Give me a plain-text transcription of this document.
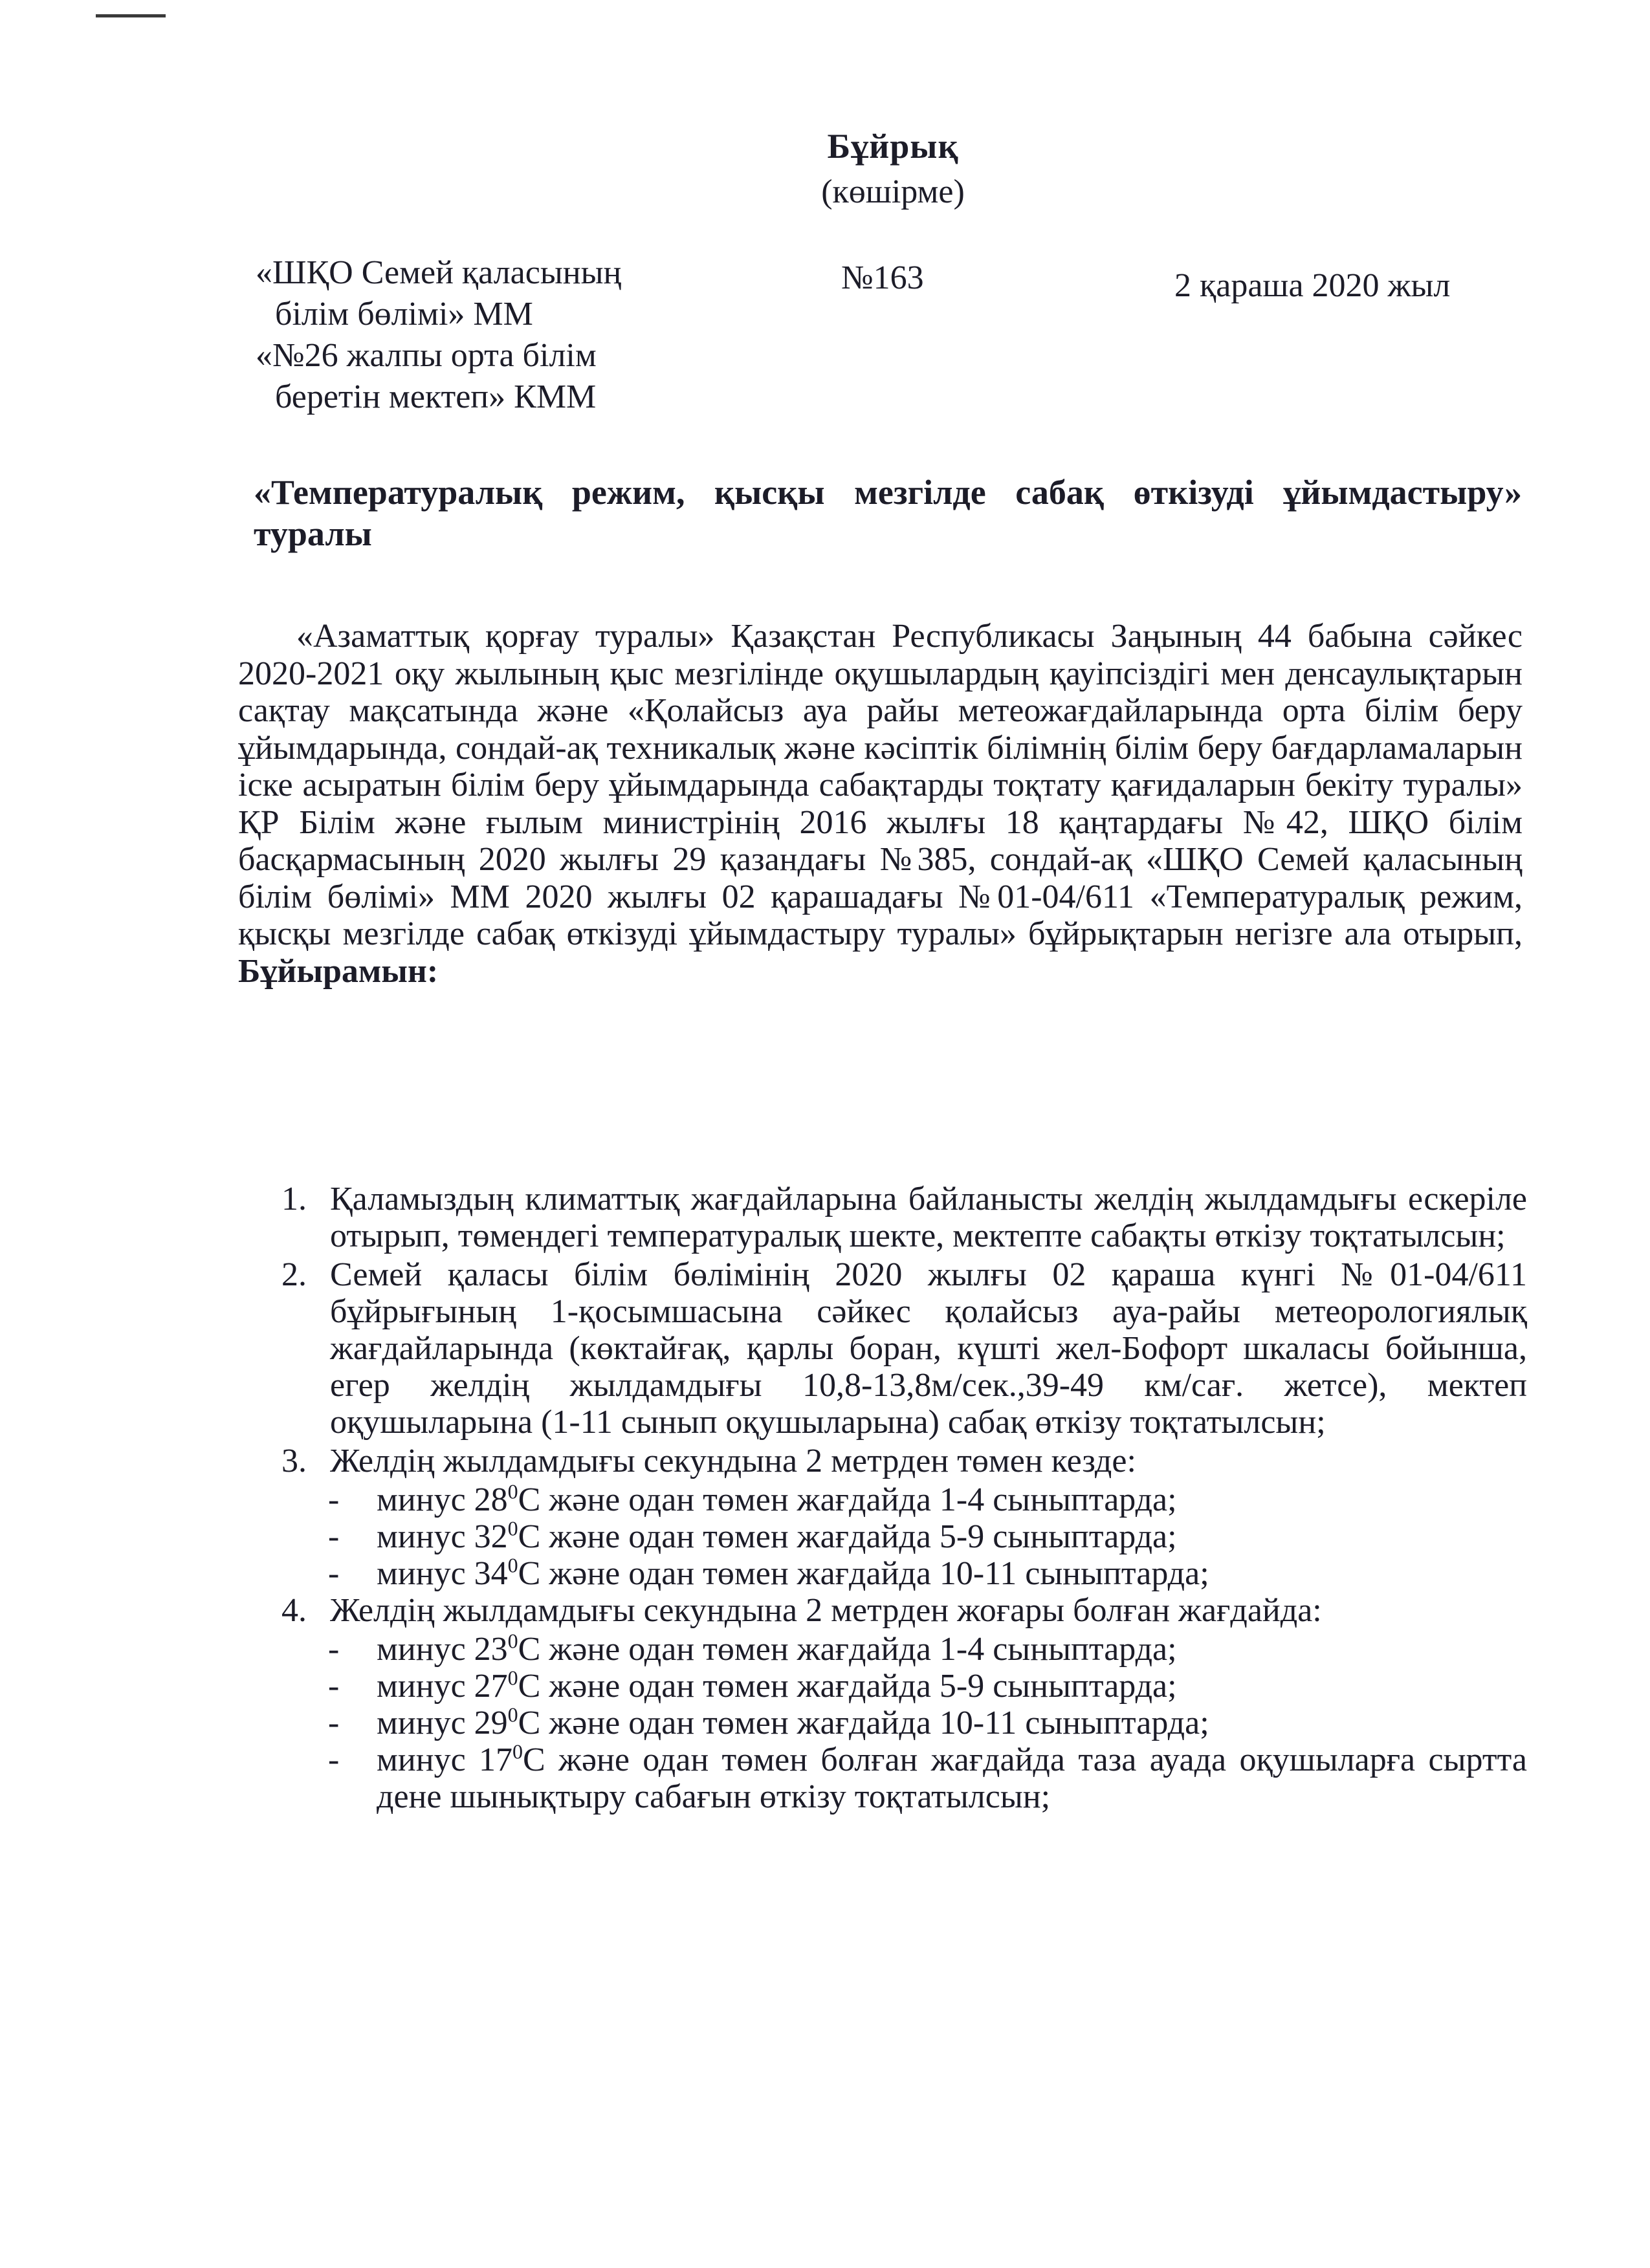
Бұйрық
(көшірме)
«ШҚО Семей қаласының
білім бөлімі» ММ
«№26 жалпы орта білім
беретін мектеп» КММ
№163	2 қараша 2020 жыл
«Температуралық режим, қысқы мезгілде сабақ өткізуді ұйымдастыру»
туралы
«Азаматтық қорғау туралы» Қазақстан Республикасы Заңының 44 бабына сәйкес 2020-2021 оқу жылының қыс мезгілінде оқушылардың қауіпсіздігі мен денсаулықтарын сақтау мақсатында және «Қолайсыз ауа райы метеожағдайларында орта білім беру ұйымдарында, сондай-ақ техникалық және кәсіптік білімнің білім беру бағдарламаларын іске асыратын білім беру ұйымдарында сабақтарды тоқтату қағидаларын бекіту туралы» ҚР Білім және ғылым министрінің 2016 жылғы 18 қаңтардағы №42, ШҚО білім басқармасының 2020 жылғы 29 қазандағы №385, сондай-ақ «ШҚО Семей қаласының білім бөлімі» ММ 2020 жылғы 02 қарашадағы №01-04/611 «Температуралық режим, қысқы мезгілде сабақ өткізуді ұйымдастыру туралы» бұйрықтарын негізге ала отырып, Бұйырамын:
1. Қаламыздың климаттық жағдайларына байланысты желдің жылдамдығы ескеріле отырып, төмендегі температуралық шекте, мектепте сабақты өткізу тоқтатылсын;
2. Семей қаласы білім бөлімінің 2020 жылғы 02 қараша күнгі №01-04/611 бұйрығының 1-қосымшасына сәйкес қолайсыз ауа-райы метеорологиялық жағдайларында (көктайғақ, қарлы боран, күшті жел-Бофорт шкаласы бойынша, егер желдің жылдамдығы 10,8-13,8м/сек.,39-49 км/сағ. жетсе), мектеп оқушыларына (1-11 сынып оқушыларына) сабақ өткізу тоқтатылсын;
3. Желдің жылдамдығы секундына 2 метрден төмен кезде:
-	минус $28^0С$ және одан төмен жағдайда 1-4 сыныптарда;
-	минус $32^0С$ және одан төмен жағдайда 5-9 сыныптарда;
-	минус $34^0С$ және одан төмен жағдайда 10-11 сыныптарда;
4. Желдің жылдамдығы секундына 2 метрден жоғары болған жағдайда:
-	минус $23^0С$ және одан төмен жағдайда 1-4 сыныптарда;
-	минус $27^0С$ және одан төмен жағдайда 5-9 сыныптарда;
-	минус $29^0С$ және одан төмен жағдайда 10-11 сыныптарда;
-	минус $17^0С$ және одан төмен болған жағдайда таза ауада оқушыларға сыртта дене шынықтыру сабағын өткізу тоқтатылсын;
